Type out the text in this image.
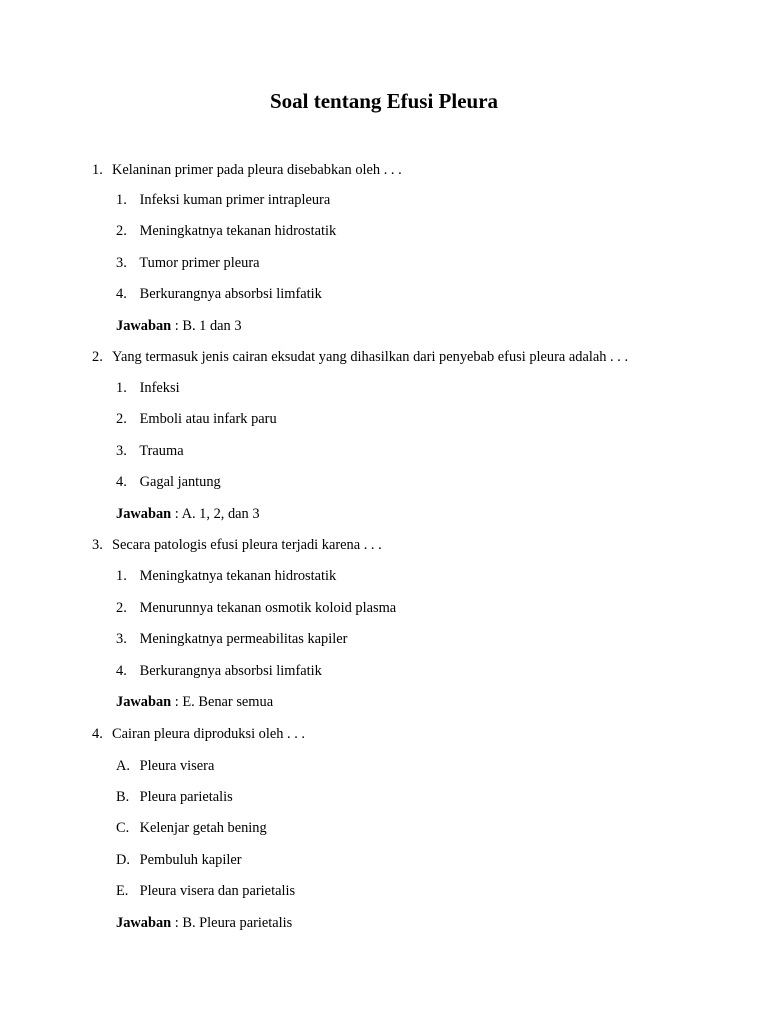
Soal tentang Efusi Pleura
1. Kelaninan primer pada pleura disebabkan oleh . . .
1. Infeksi kuman primer intrapleura
2. Meningkatnya tekanan hidrostatik
3. Tumor primer pleura
4. Berkurangnya absorbsi limfatik
Jawaban : B. 1 dan 3
2. Yang termasuk jenis cairan eksudat yang dihasilkan dari penyebab efusi pleura adalah . . .
1. Infeksi
2. Emboli atau infark paru
3. Trauma
4. Gagal jantung
Jawaban : A. 1, 2, dan 3
3. Secara patologis efusi pleura terjadi karena . . .
1. Meningkatnya tekanan hidrostatik
2. Menurunnya tekanan osmotik koloid plasma
3. Meningkatnya permeabilitas kapiler
4. Berkurangnya absorbsi limfatik
Jawaban : E. Benar semua
4. Cairan pleura diproduksi oleh . . .
A. Pleura visera
B. Pleura parietalis
C. Kelenjar getah bening
D. Pembuluh kapiler
E. Pleura visera dan parietalis
Jawaban : B. Pleura parietalis
